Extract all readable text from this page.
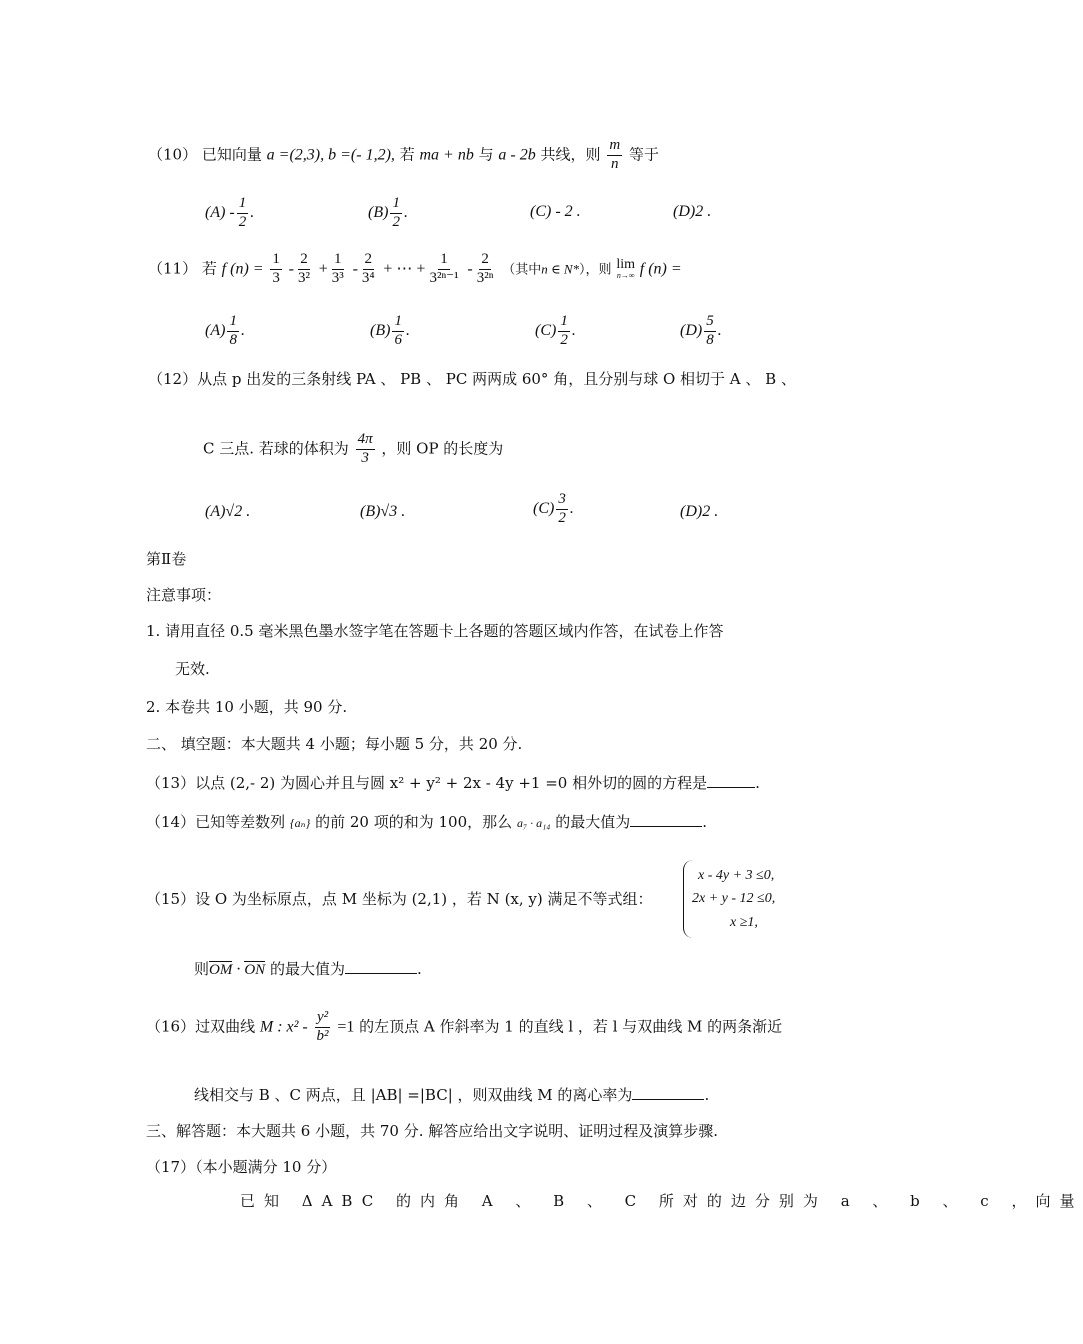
（10） 已知向量 a =(2,3), b =(- 1,2), 若 ma + nb 与 a - 2b 共线，则 $\frac{m}{n}$ 等于
$(A) - \frac{1}{2}$ .	$(B) \frac{1}{2}$ .	(C) - 2 .	(D)2 .
（11） 若 f $(n) = \frac{1}{3} - \frac{2}{\text{3²}} + \frac{1}{\text{3³}} - \frac{2}{\text{3⁴}}$ + ⋯ + $\frac{1}{\text{3²ⁿ⁻¹}} - \frac{2}{\text{3²ⁿ}}$ （其中n ∈ N*），则 lim
n→∞ f (n) =
$(A) \frac{1}{8}$ .	$(B) \frac{1}{6}$ .	$(C) \frac{1}{2}$ .	$(D) \frac{5}{8}$ .
（12）从点 p 出发的三条射线 PA 、 PB 、 PC 两两成 60° 角，且分别与球 O 相切于 A 、 B 、
C 三点. 若球的体积为 $\frac{4\pi}{3}$ ，则 OP 的长度为
(A)√2 .	(B)√3 .	$(C) \frac{3}{2}$ .	(D)2 .
第Ⅱ卷
注意事项：
1. 请用直径 0.5 毫米黑色墨水签字笔在答题卡上各题的答题区域内作答，在试卷上作答
无效.
2. 本卷共 10 小题，共 90 分.
二、 填空题：本大题共 4 小题；每小题 5 分，共 20 分.
（13）以点 (2,- 2) 为圆心并且与圆 x² + y² + 2x - 4y +1 =0 相外切的圆的方程是	.
（14）已知等差数列 {aₙ} 的前 20 项的和为 100，那么 a₇ · a₁₄ 的最大值为	.
（15）设 O 为坐标原点，点 M 坐标为 (2,1) ，若 N (x, y) 满足不等式组：
x - 4y + 3 ≤0,
2x + y - 12 ≤0,
x ≥1,
则OM · ON 的最大值为	.
（16）过双曲线 M : $x^2 - \frac{\text{y²}}{\text{b²}} =1$ 的左顶点 A 作斜率为 1 的直线 l ，若 l 与双曲线 M 的两条渐近
线相交与 B 、C 两点，且 |AB| =|BC| ，则双曲线 M 的离心率为	.
三、解答题：本大题共 6 小题，共 70 分. 解答应给出文字说明、证明过程及演算步骤.
（17）（本小题满分 10 分）
已知 ΔABC 的内角 A 、 B 、 C 所对的边分别为 a 、 b 、 c ，向量
